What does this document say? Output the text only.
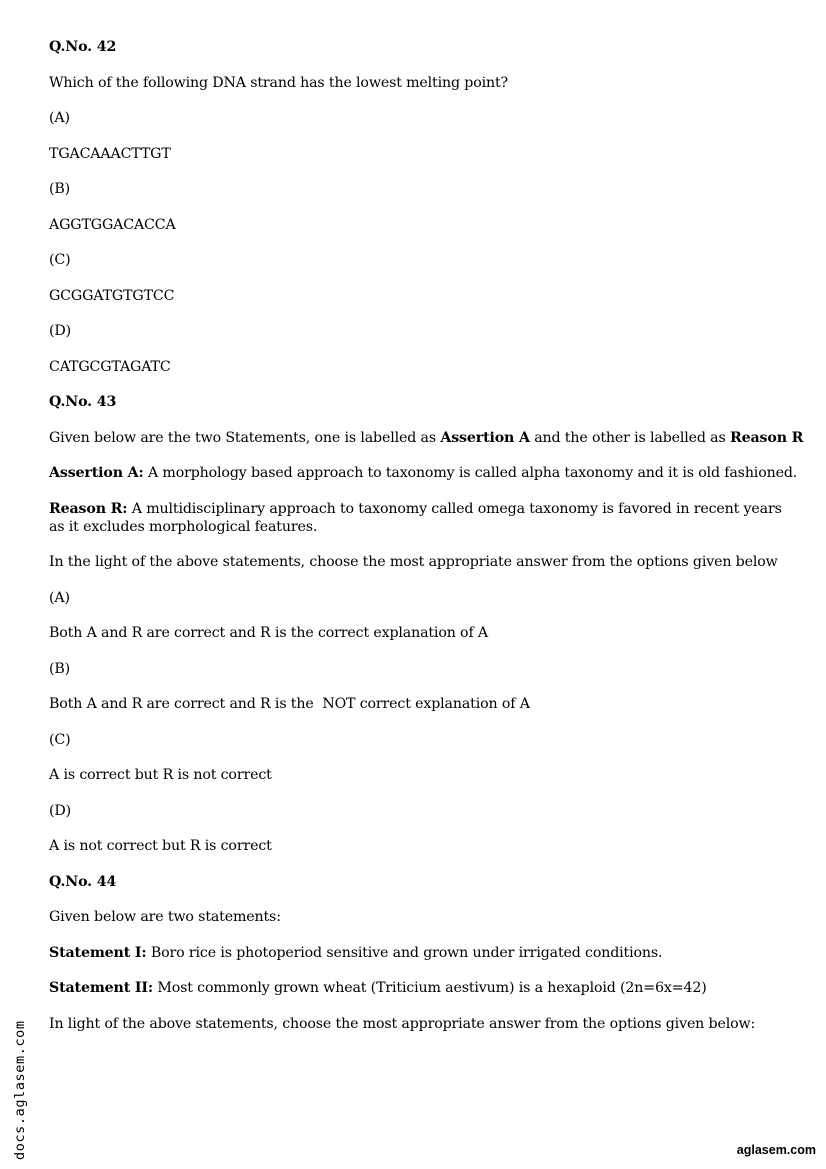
Q.No. 42
Which of the following DNA strand has the lowest melting point?
(A)
TGACAAACTTGT
(B)
AGGTGGACACCA
(C)
GCGGATGTGTCC
(D)
CATGCGTAGATC
Q.No. 43
Given below are the two Statements, one is labelled as Assertion A and the other is labelled as Reason R
Assertion A: A morphology based approach to taxonomy is called alpha taxonomy and it is old fashioned.
Reason R: A multidisciplinary approach to taxonomy called omega taxonomy is favored in recent years as it excludes morphological features.
In the light of the above statements, choose the most appropriate answer from the options given below
(A)
Both A and R are correct and R is the correct explanation of A
(B)
Both A and R are correct and R is the  NOT correct explanation of A
(C)
A is correct but R is not correct
(D)
A is not correct but R is correct
Q.No. 44
Given below are two statements:
Statement I: Boro rice is photoperiod sensitive and grown under irrigated conditions.
Statement II: Most commonly grown wheat (Triticium aestivum) is a hexaploid (2n=6x=42)
In light of the above statements, choose the most appropriate answer from the options given below:
docs.aglasem.com	aglasem.com
